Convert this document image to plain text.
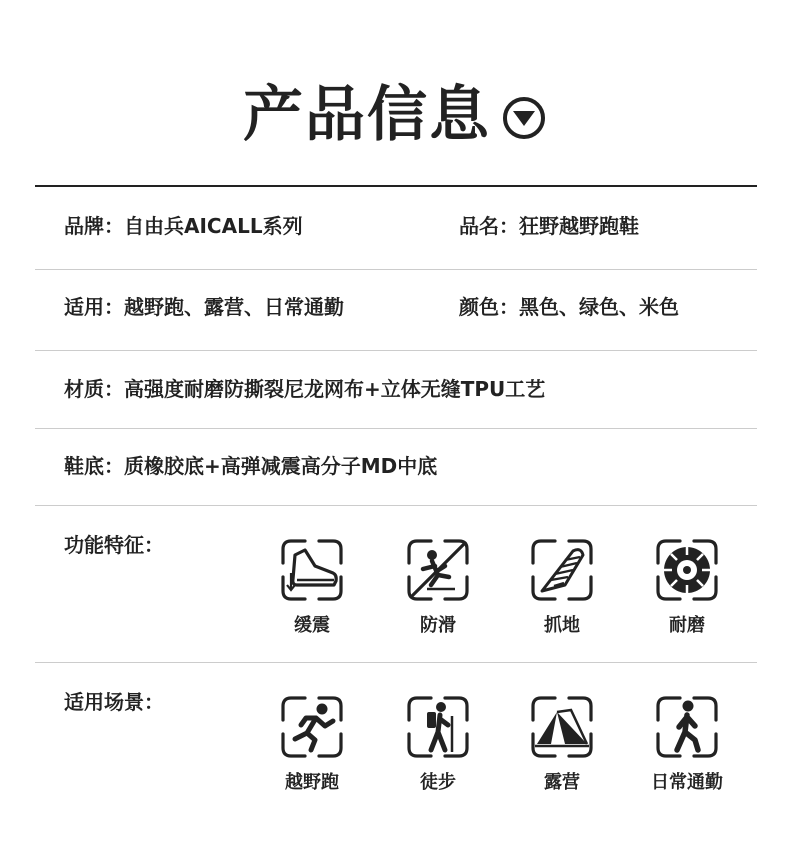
产品信息
品牌：自由兵AICALL系列	品名：狂野越野跑鞋
适用：越野跑、露营、日常通勤	颜色：黑色、绿色、米色
材质：高强度耐磨防撕裂尼龙网布+立体无缝TPU工艺
鞋底：质橡胶底+高弹减震高分子MD中底
功能特征：
缓震	防滑	抓地	耐磨
适用场景：
越野跑	徒步	露营	日常通勤
